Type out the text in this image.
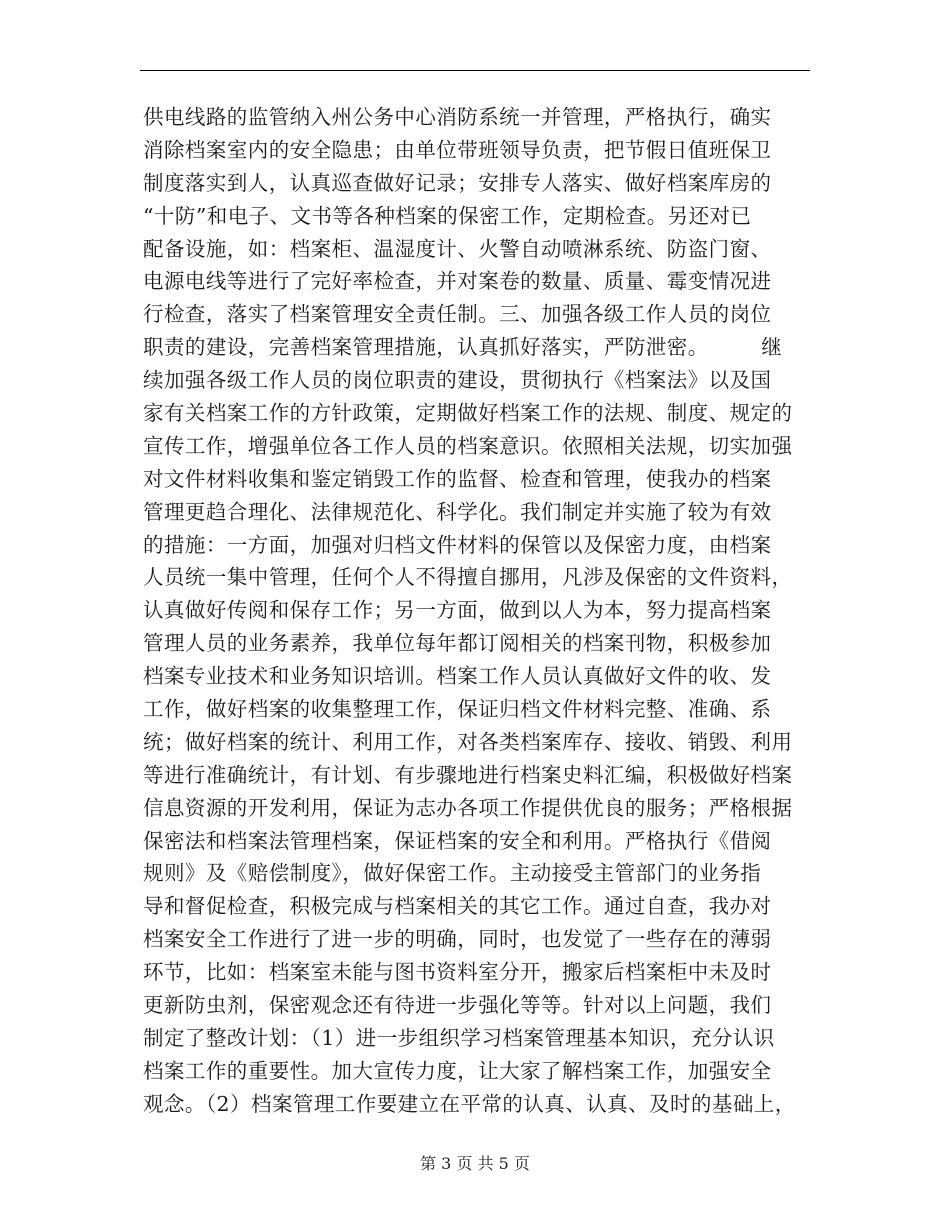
供电线路的监管纳入州公务中心消防系统一并管理，严格执行，确实
消除档案室内的安全隐患；由单位带班领导负责，把节假日值班保卫
制度落实到人，认真巡查做好记录；安排专人落实、做好档案库房的
“十防”和电子、文书等各种档案的保密工作，定期检查。另还对已
配备设施，如：档案柜、温湿度计、火警自动喷淋系统、防盗门窗、
电源电线等进行了完好率检查，并对案卷的数量、质量、霉变情况进
行检查，落实了档案管理安全责任制。三、加强各级工作人员的岗位
职责的建设，完善档案管理措施，认真抓好落实，严防泄密。　　　继
续加强各级工作人员的岗位职责的建设，贯彻执行《档案法》以及国
家有关档案工作的方针政策，定期做好档案工作的法规、制度、规定的
宣传工作，增强单位各工作人员的档案意识。依照相关法规，切实加强
对文件材料收集和鉴定销毁工作的监督、检查和管理，使我办的档案
管理更趋合理化、法律规范化、科学化。我们制定并实施了较为有效
的措施：一方面，加强对归档文件材料的保管以及保密力度，由档案
人员统一集中管理，任何个人不得擅自挪用，凡涉及保密的文件资料，
认真做好传阅和保存工作；另一方面，做到以人为本，努力提高档案
管理人员的业务素养，我单位每年都订阅相关的档案刊物，积极参加
档案专业技术和业务知识培训。档案工作人员认真做好文件的收、发
工作，做好档案的收集整理工作，保证归档文件材料完整、准确、系
统；做好档案的统计、利用工作，对各类档案库存、接收、销毁、利用
等进行准确统计，有计划、有步骤地进行档案史料汇编，积极做好档案
信息资源的开发利用，保证为志办各项工作提供优良的服务；严格根据
保密法和档案法管理档案，保证档案的安全和利用。严格执行《借阅
规则》及《赔偿制度》，做好保密工作。主动接受主管部门的业务指
导和督促检查，积极完成与档案相关的其它工作。通过自查，我办对
档案安全工作进行了进一步的明确，同时，也发觉了一些存在的薄弱
环节，比如：档案室未能与图书资料室分开，搬家后档案柜中未及时
更新防虫剂，保密观念还有待进一步强化等等。针对以上问题，我们
制定了整改计划：（1）进一步组织学习档案管理基本知识，充分认识
档案工作的重要性。加大宣传力度，让大家了解档案工作，加强安全
观念。（2）档案管理工作要建立在平常的认真、认真、及时的基础上，
第 3 页 共 5 页
